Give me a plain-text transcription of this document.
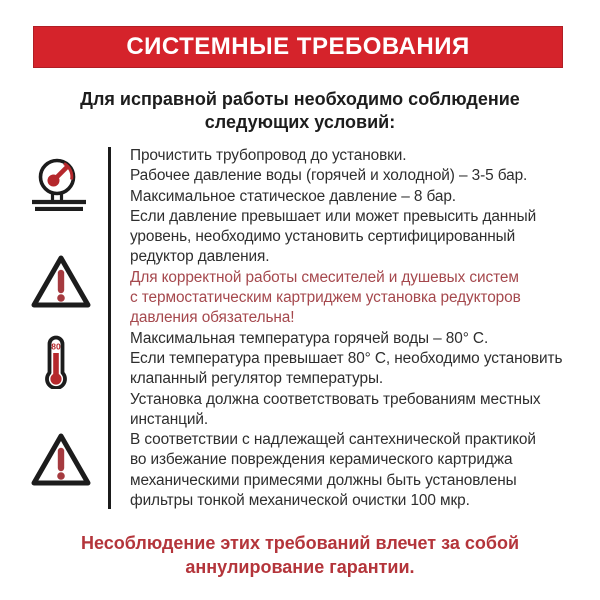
СИСТЕМНЫЕ ТРЕБОВАНИЯ
Для исправной работы необходимо соблюдение
следующих условий:
80
Прочистить трубопровод до установки.
Рабочее давление воды (горячей и холодной) – 3-5 бар.
Максимальное статическое давление – 8 бар.
Если давление превышает или может превысить данный
уровень, необходимо установить сертифицированный
редуктор давления.
Для корректной работы смесителей и душевых систем
с термостатическим картриджем установка редукторов
давления обязательна!
Максимальная температура горячей воды – 80° C.
Если температура превышает 80° C, необходимо установить
клапанный регулятор температуры.
Установка должна соответствовать требованиям местных
инстанций.
В соответствии с надлежащей сантехнической практикой
во избежание повреждения керамического картриджа
механическими примесями должны быть установлены
фильтры тонкой механической очистки 100 мкр.
Несоблюдение этих требований влечет за собой
аннулирование гарантии.
